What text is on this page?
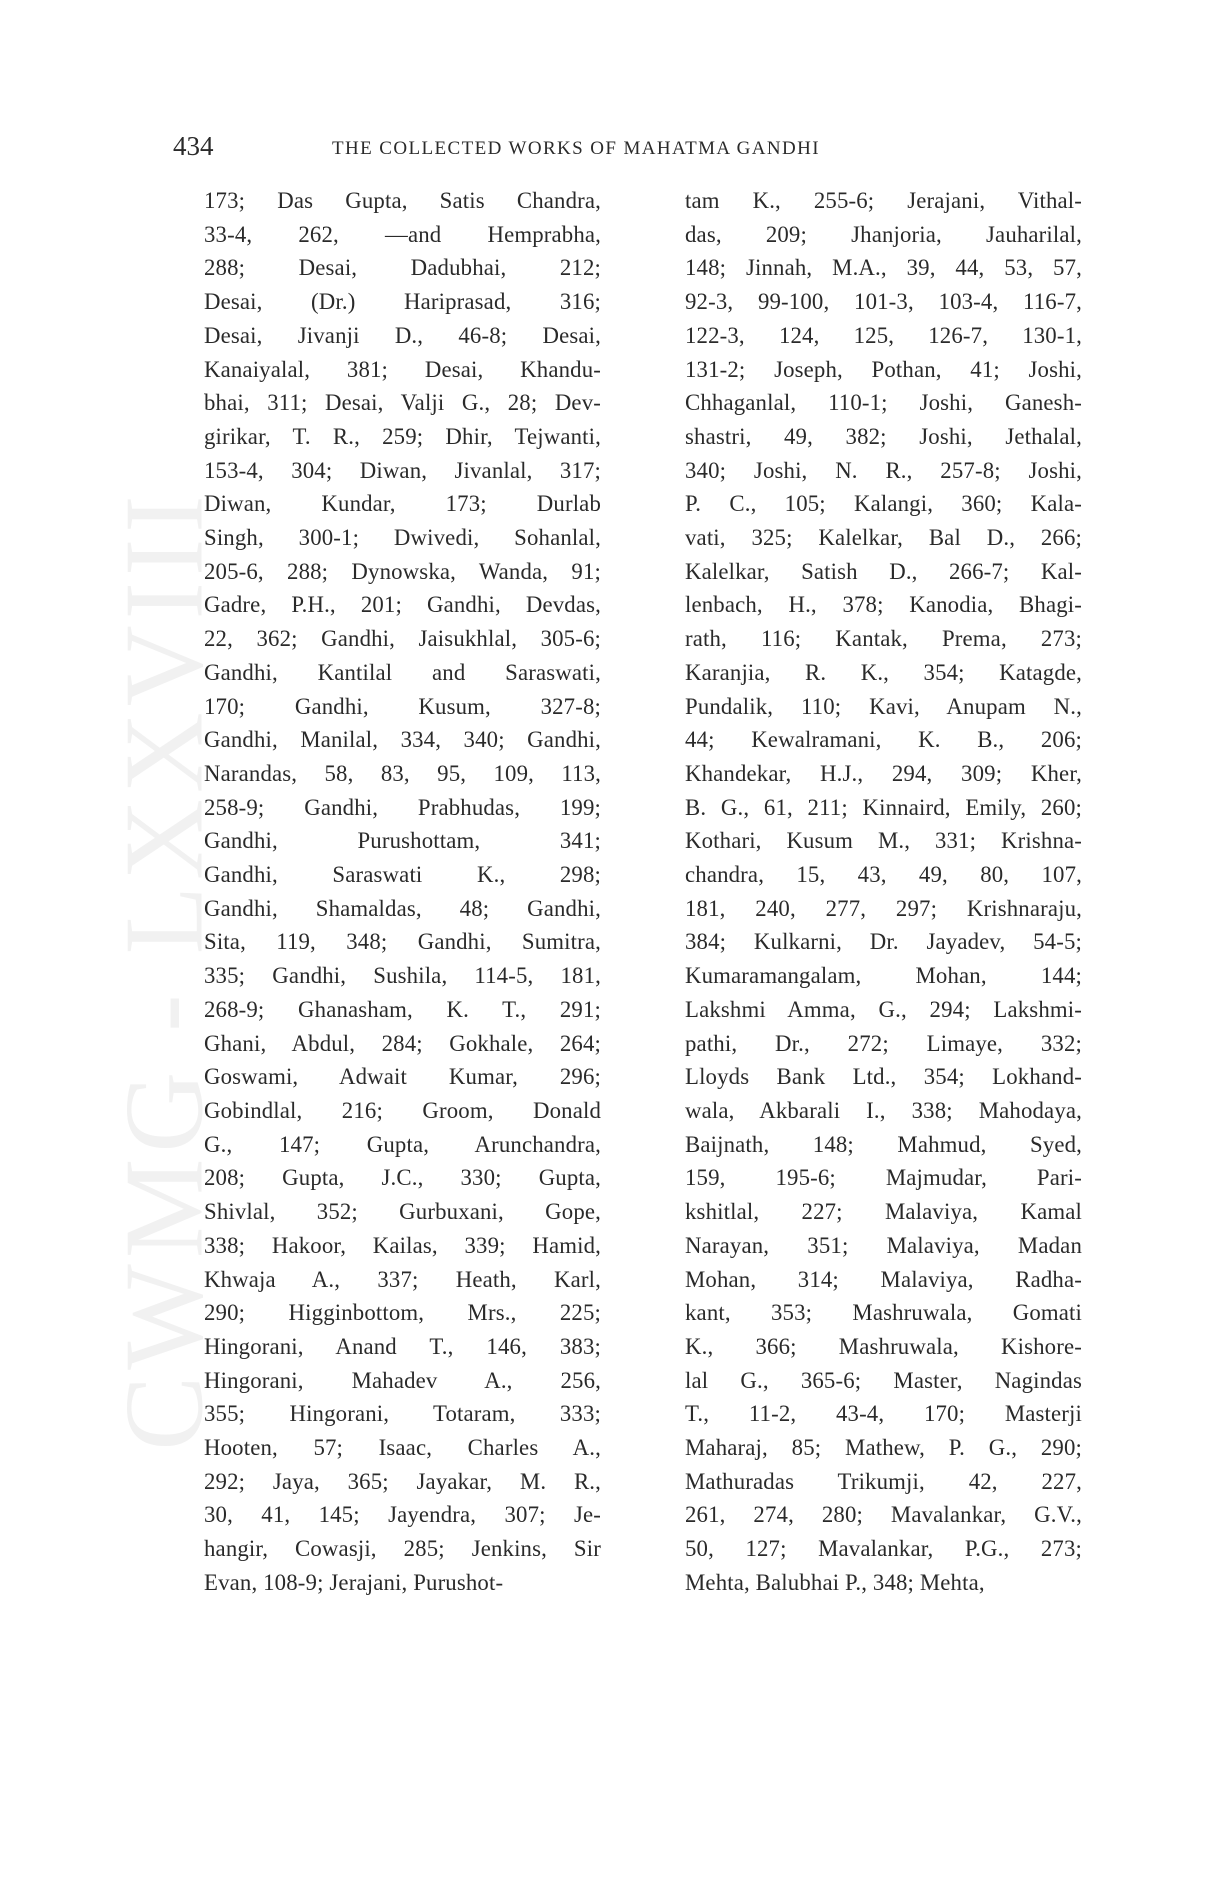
CWMG - LXXVIII
434	THE COLLECTED WORKS OF MAHATMA GANDHI
173; Das Gupta, Satis Chandra,
33-4, 262, —and Hemprabha,
288; Desai, Dadubhai, 212;
Desai, (Dr.) Hariprasad, 316;
Desai, Jivanji D., 46-8; Desai,
Kanaiyalal, 381; Desai, Khandu-
bhai, 311; Desai, Valji G., 28; Dev-
girikar, T. R., 259; Dhir, Tejwanti,
153-4, 304; Diwan, Jivanlal, 317;
Diwan, Kundar, 173; Durlab
Singh, 300-1; Dwivedi, Sohanlal,
205-6, 288; Dynowska, Wanda, 91;
Gadre, P.H., 201; Gandhi, Devdas,
22, 362; Gandhi, Jaisukhlal, 305-6;
Gandhi, Kantilal and Saraswati,
170; Gandhi, Kusum, 327-8;
Gandhi, Manilal, 334, 340; Gandhi,
Narandas, 58, 83, 95, 109, 113,
258-9; Gandhi, Prabhudas, 199;
Gandhi, Purushottam, 341;
Gandhi, Saraswati K., 298;
Gandhi, Shamaldas, 48; Gandhi,
Sita, 119, 348; Gandhi, Sumitra,
335; Gandhi, Sushila, 114-5, 181,
268-9; Ghanasham, K. T., 291;
Ghani, Abdul, 284; Gokhale, 264;
Goswami, Adwait Kumar, 296;
Gobindlal, 216; Groom, Donald
G., 147; Gupta, Arunchandra,
208; Gupta, J.C., 330; Gupta,
Shivlal, 352; Gurbuxani, Gope,
338; Hakoor, Kailas, 339; Hamid,
Khwaja A., 337; Heath, Karl,
290; Higginbottom, Mrs., 225;
Hingorani, Anand T., 146, 383;
Hingorani, Mahadev A., 256,
355; Hingorani, Totaram, 333;
Hooten, 57; Isaac, Charles A.,
292; Jaya, 365; Jayakar, M. R.,
30, 41, 145; Jayendra, 307; Je-
hangir, Cowasji, 285; Jenkins, Sir
Evan, 108-9; Jerajani, Purushot-
tam K., 255-6; Jerajani, Vithal-
das, 209; Jhanjoria, Jauharilal,
148; Jinnah, M.A., 39, 44, 53, 57,
92-3, 99-100, 101-3, 103-4, 116-7,
122-3, 124, 125, 126-7, 130-1,
131-2; Joseph, Pothan, 41; Joshi,
Chhaganlal, 110-1; Joshi, Ganesh-
shastri, 49, 382; Joshi, Jethalal,
340; Joshi, N. R., 257-8; Joshi,
P. C., 105; Kalangi, 360; Kala-
vati, 325; Kalelkar, Bal D., 266;
Kalelkar, Satish D., 266-7; Kal-
lenbach, H., 378; Kanodia, Bhagi-
rath, 116; Kantak, Prema, 273;
Karanjia, R. K., 354; Katagde,
Pundalik, 110; Kavi, Anupam N.,
44; Kewalramani, K. B., 206;
Khandekar, H.J., 294, 309; Kher,
B. G., 61, 211; Kinnaird, Emily, 260;
Kothari, Kusum M., 331; Krishna-
chandra, 15, 43, 49, 80, 107,
181, 240, 277, 297; Krishnaraju,
384; Kulkarni, Dr. Jayadev, 54-5;
Kumaramangalam, Mohan, 144;
Lakshmi Amma, G., 294; Lakshmi-
pathi, Dr., 272; Limaye, 332;
Lloyds Bank Ltd., 354; Lokhand-
wala, Akbarali I., 338; Mahodaya,
Baijnath, 148; Mahmud, Syed,
159, 195-6; Majmudar, Pari-
kshitlal, 227; Malaviya, Kamal
Narayan, 351; Malaviya, Madan
Mohan, 314; Malaviya, Radha-
kant, 353; Mashruwala, Gomati
K., 366; Mashruwala, Kishore-
lal G., 365-6; Master, Nagindas
T., 11-2, 43-4, 170; Masterji
Maharaj, 85; Mathew, P. G., 290;
Mathuradas Trikumji, 42, 227,
261, 274, 280; Mavalankar, G.V.,
50, 127; Mavalankar, P.G., 273;
Mehta, Balubhai P., 348; Mehta,
